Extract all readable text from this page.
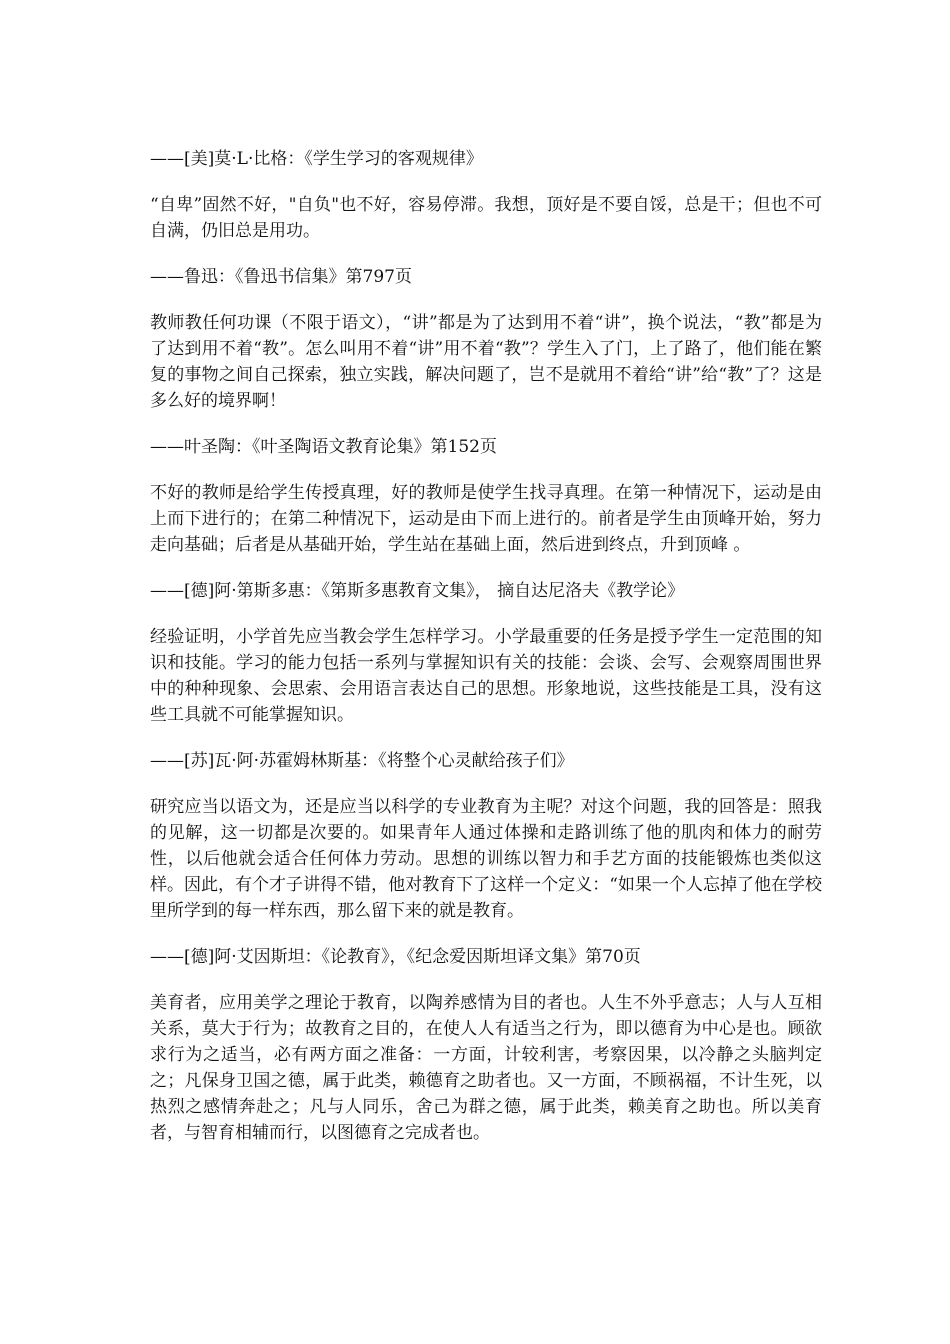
——[美]莫·L·比格：《学生学习的客观规律》

“自卑”固然不好，"自负"也不好，容易停滞。我想，顶好是不要自馁，总是干；但也不可自满，仍旧总是用功。

——鲁迅：《鲁迅书信集》第797页

教师教任何功课（不限于语文），“讲”都是为了达到用不着“讲”，换个说法，“教”都是为了达到用不着“教”。怎么叫用不着“讲”用不着“教”？学生入了门，上了路了，他们能在繁复的事物之间自己探索，独立实践，解决问题了，岂不是就用不着给“讲”给“教”了？这是多么好的境界啊！

——叶圣陶：《叶圣陶语文教育论集》第152页

不好的教师是给学生传授真理，好的教师是使学生找寻真理。在第一种情况下，运动是由上而下进行的；在第二种情况下，运动是由下而上进行的。前者是学生由顶峰开始，努力走向基础；后者是从基础开始，学生站在基础上面，然后进到终点，升到顶峰 。

——[德]阿·第斯多惠：《第斯多惠教育文集》， 摘自达尼洛夫《教学论》

经验证明，小学首先应当教会学生怎样学习。小学最重要的任务是授予学生一定范围的知识和技能。学习的能力包括一系列与掌握知识有关的技能：会谈、会写、会观察周围世界中的种种现象、会思索、会用语言表达自己的思想。形象地说，这些技能是工具，没有这些工具就不可能掌握知识。

——[苏]瓦·阿·苏霍姆林斯基：《将整个心灵献给孩子们》

研究应当以语文为，还是应当以科学的专业教育为主呢？对这个问题，我的回答是：照我的见解，这一切都是次要的。如果青年人通过体操和走路训练了他的肌肉和体力的耐劳性，以后他就会适合任何体力劳动。思想的训练以智力和手艺方面的技能锻炼也类似这样。因此，有个才子讲得不错，他对教育下了这样一个定义：“如果一个人忘掉了他在学校里所学到的每一样东西，那么留下来的就是教育。

——[德]阿·艾因斯坦：《论教育》，《纪念爱因斯坦译文集》第70页

美育者，应用美学之理论于教育，以陶养感情为目的者也。人生不外乎意志；人与人互相关系，莫大于行为；故教育之目的，在使人人有适当之行为，即以德育为中心是也。顾欲求行为之适当，必有两方面之准备：一方面，计较利害，考察因果，以冷静之头脑判定之；凡保身卫国之德，属于此类，赖德育之助者也。又一方面，不顾祸福，不计生死，以热烈之感情奔赴之；凡与人同乐，舍己为群之德，属于此类，赖美育之助也。所以美育者，与智育相辅而行，以图德育之完成者也。
